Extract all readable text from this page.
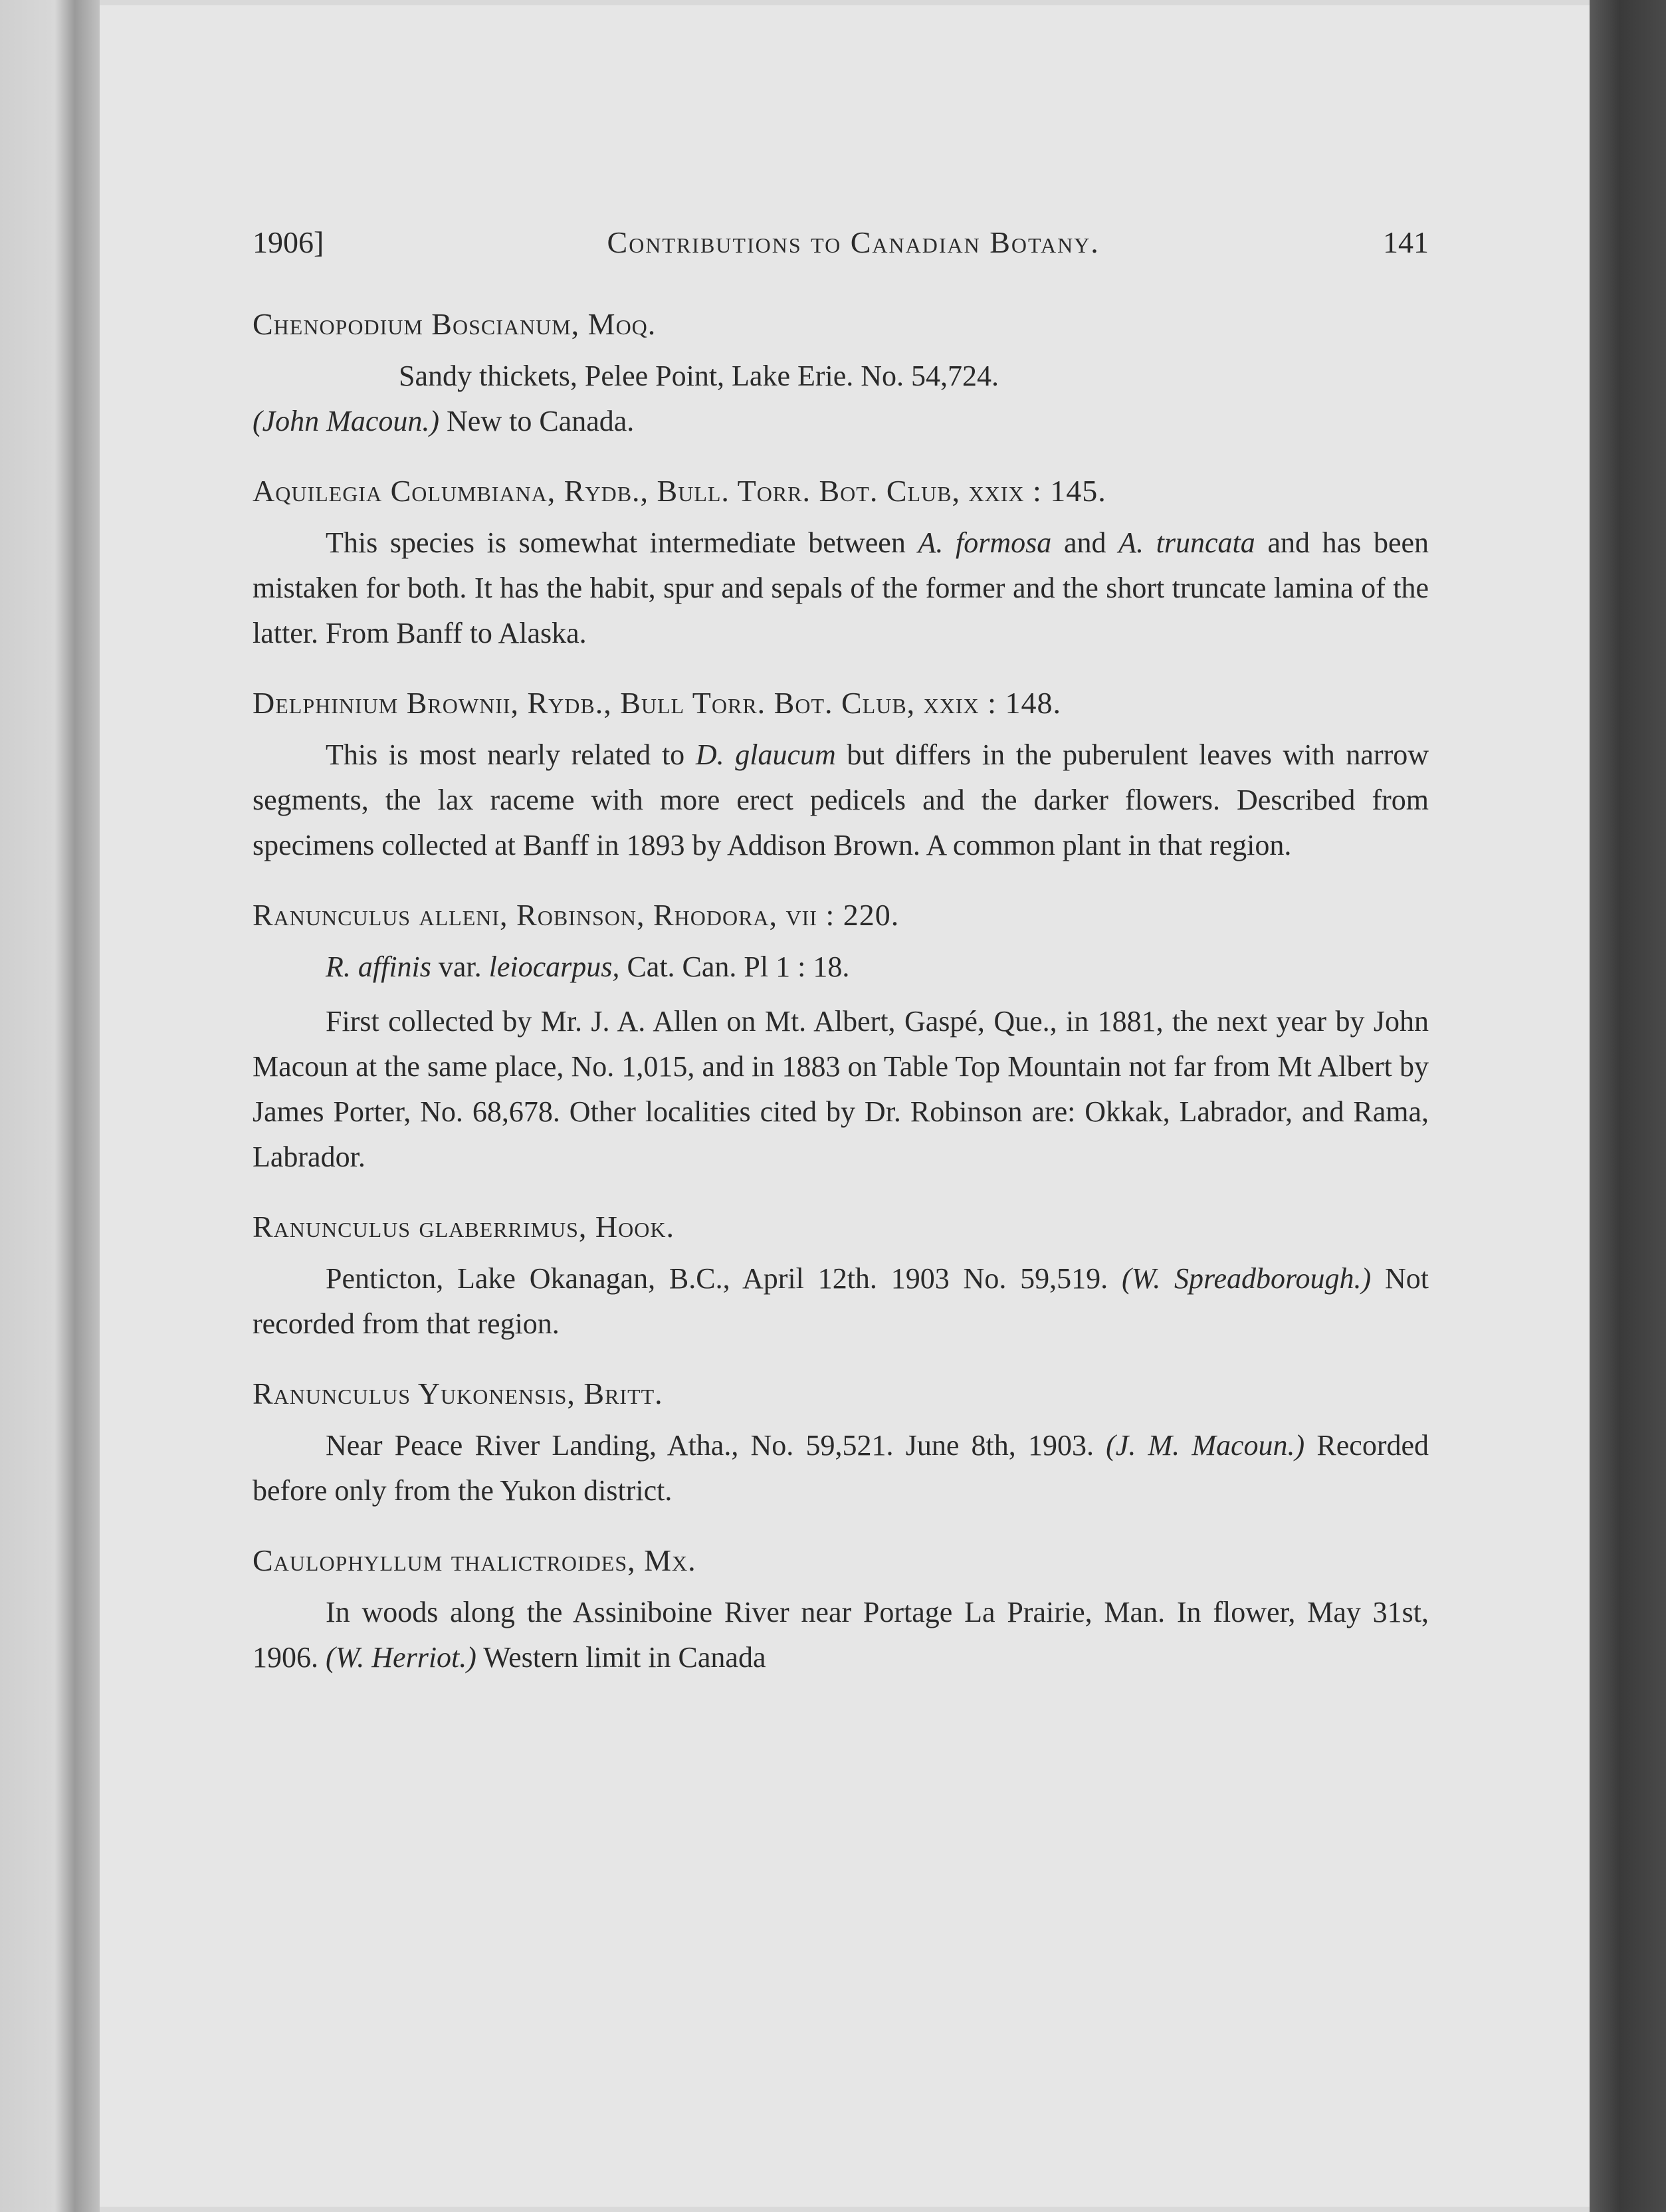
1906]	Contributions to Canadian Botany.	141

Chenopodium Boscianum, Moq.

Sandy thickets, Pelee Point, Lake Erie. No. 54,724.
(John Macoun.) New to Canada.

Aquilegia Columbiana, Rydb., Bull. Torr. Bot. Club, xxix : 145.

This species is somewhat intermediate between A. formosa and A. truncata and has been mistaken for both. It has the habit, spur and sepals of the former and the short truncate lamina of the latter. From Banff to Alaska.

Delphinium Brownii, Rydb., Bull Torr. Bot. Club, xxix : 148.

This is most nearly related to D. glaucum but differs in the puberulent leaves with narrow segments, the lax raceme with more erect pedicels and the darker flowers. Described from specimens collected at Banff in 1893 by Addison Brown. A common plant in that region.

Ranunculus alleni, Robinson, Rhodora, vii : 220.

R. affinis var. leiocarpus, Cat. Can. Pl 1 : 18.

First collected by Mr. J. A. Allen on Mt. Albert, Gaspé, Que., in 1881, the next year by John Macoun at the same place, No. 1,015, and in 1883 on Table Top Mountain not far from Mt Albert by James Porter, No. 68,678. Other localities cited by Dr. Robinson are: Okkak, Labrador, and Rama, Labrador.

Ranunculus glaberrimus, Hook.

Penticton, Lake Okanagan, B.C., April 12th. 1903 No. 59,519. (W. Spreadborough.) Not recorded from that region.

Ranunculus Yukonensis, Britt.

Near Peace River Landing, Atha., No. 59,521. June 8th, 1903. (J. M. Macoun.) Recorded before only from the Yukon district.

Caulophyllum thalictroides, Mx.

In woods along the Assiniboine River near Portage La Prairie, Man. In flower, May 31st, 1906. (W. Herriot.) Western limit in Canada
